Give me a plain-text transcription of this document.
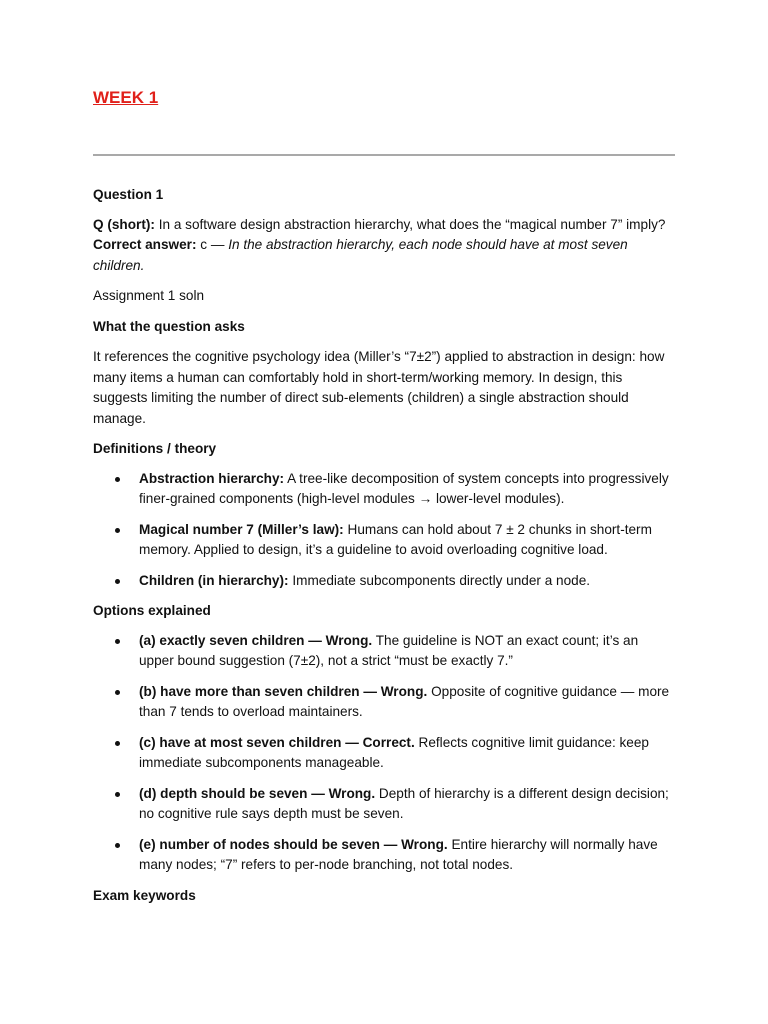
WEEK 1

Question 1

Q (short): In a software design abstraction hierarchy, what does the “magical number 7” imply?

Correct answer: c — In the abstraction hierarchy, each node should have at most seven children.

Assignment 1 soln

What the question asks

It references the cognitive psychology idea (Miller’s “7±2”) applied to abstraction in design: how many items a human can comfortably hold in short-term/working memory. In design, this suggests limiting the number of direct sub-elements (children) a single abstraction should manage.

Definitions / theory

Abstraction hierarchy: A tree-like decomposition of system concepts into progressively finer-grained components (high-level modules → lower-level modules).
Magical number 7 (Miller’s law): Humans can hold about 7 ± 2 chunks in short-term memory. Applied to design, it’s a guideline to avoid overloading cognitive load.
Children (in hierarchy): Immediate subcomponents directly under a node.

Options explained

(a) exactly seven children — Wrong. The guideline is NOT an exact count; it’s an upper bound suggestion (7±2), not a strict “must be exactly 7.”
(b) have more than seven children — Wrong. Opposite of cognitive guidance — more than 7 tends to overload maintainers.
(c) have at most seven children — Correct. Reflects cognitive limit guidance: keep immediate subcomponents manageable.
(d) depth should be seven — Wrong. Depth of hierarchy is a different design decision; no cognitive rule says depth must be seven.
(e) number of nodes should be seven — Wrong. Entire hierarchy will normally have many nodes; “7” refers to per-node branching, not total nodes.

Exam keywords
